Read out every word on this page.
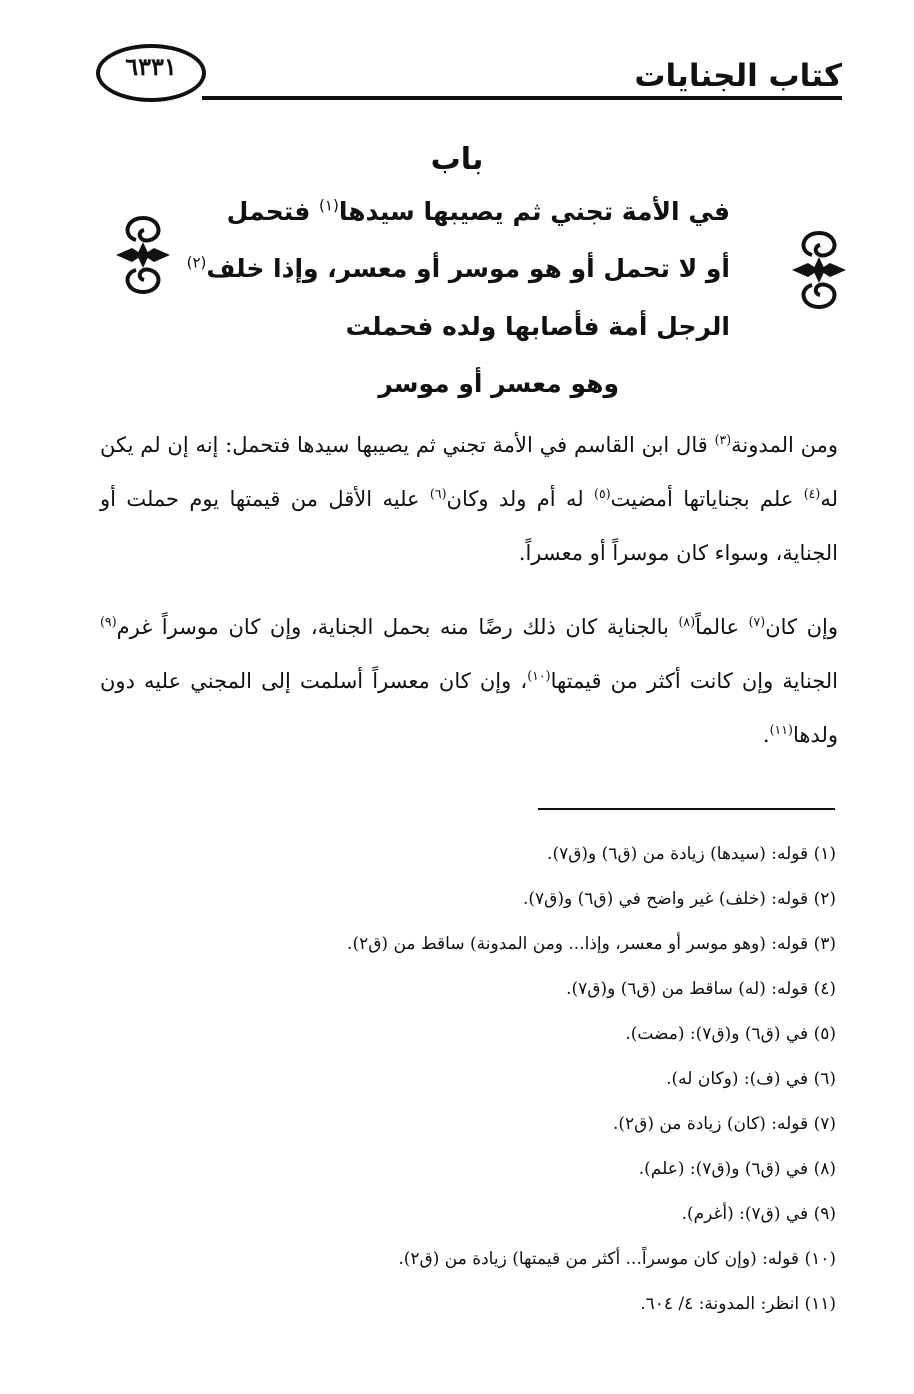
كتاب الجنايات
٦٣٣١
باب
في الأمة تجني ثم يصيبها سيدها$^{(١)}$ فتحمل
أو لا تحمل أو هو موسر أو معسر، وإذا خلف$^{(٢)}$
الرجل أمة فأصابها ولده فحملت
وهو معسر أو موسر
ومن المدونة$^{(٣)}$ قال ابن القاسم في الأمة تجني ثم يصيبها سيدها فتحمل: إنه إن لم يكن له$^{(٤)}$ علم بجناياتها أمضيت$^{(٥)}$ له أم ولد وكان$^{(٦)}$ عليه الأقل من قيمتها يوم حملت أو الجناية، وسواء كان موسراً أو معسراً.
وإن كان$^{(٧)}$ عالماً$^{(٨)}$ بالجناية كان ذلك رضًا منه بحمل الجناية، وإن كان موسراً غرم$^{(٩)}$ الجناية وإن كانت أكثر من قيمتها$^{(١٠)}$، وإن كان معسراً أسلمت إلى المجني عليه دون ولدها$^{(١١)}$.
(١) قوله: (سيدها) زيادة من (ق٦) و(ق٧).
(٢) قوله: (خلف) غير واضح في (ق٦) و(ق٧).
(٣) قوله: (وهو موسر أو معسر، وإذا... ومن المدونة) ساقط من (ق٢).
(٤) قوله: (له) ساقط من (ق٦) و(ق٧).
(٥) في (ق٦) و(ق٧): (مضت).
(٦) في (ف): (وكان له).
(٧) قوله: (كان) زيادة من (ق٢).
(٨) في (ق٦) و(ق٧): (علم).
(٩) في (ق٧): (أغرم).
(١٠) قوله: (وإن كان موسراً... أكثر من قيمتها) زيادة من (ق٢).
(١١) انظر: المدونة: ٤/ ٦٠٤.
